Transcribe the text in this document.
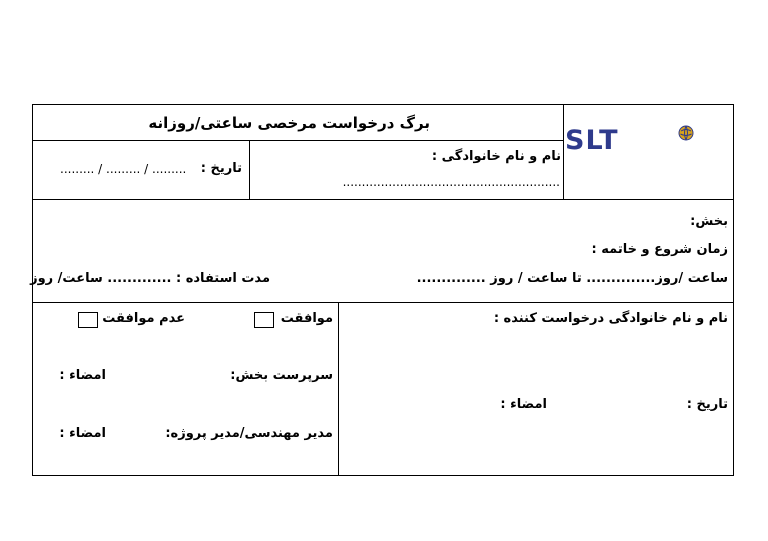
برگ درخواست مرخصی ساعتی/روزانه
SLT
نام و نام خانوادگی :
.........................................................
تاریخ :
......... / ......... / .........
بخش:
زمان شروع و خاتمه :
ساعت /روز.............. تا ساعت / روز ..............
مدت استفاده : ............. ساعت/ روز
موافقت
عدم موافقت
سرپرست بخش:
امضاء :
مدیر مهندسی/مدیر پروژه:
امضاء :
نام و نام خانوادگی درخواست کننده :
تاریخ :
امضاء :
